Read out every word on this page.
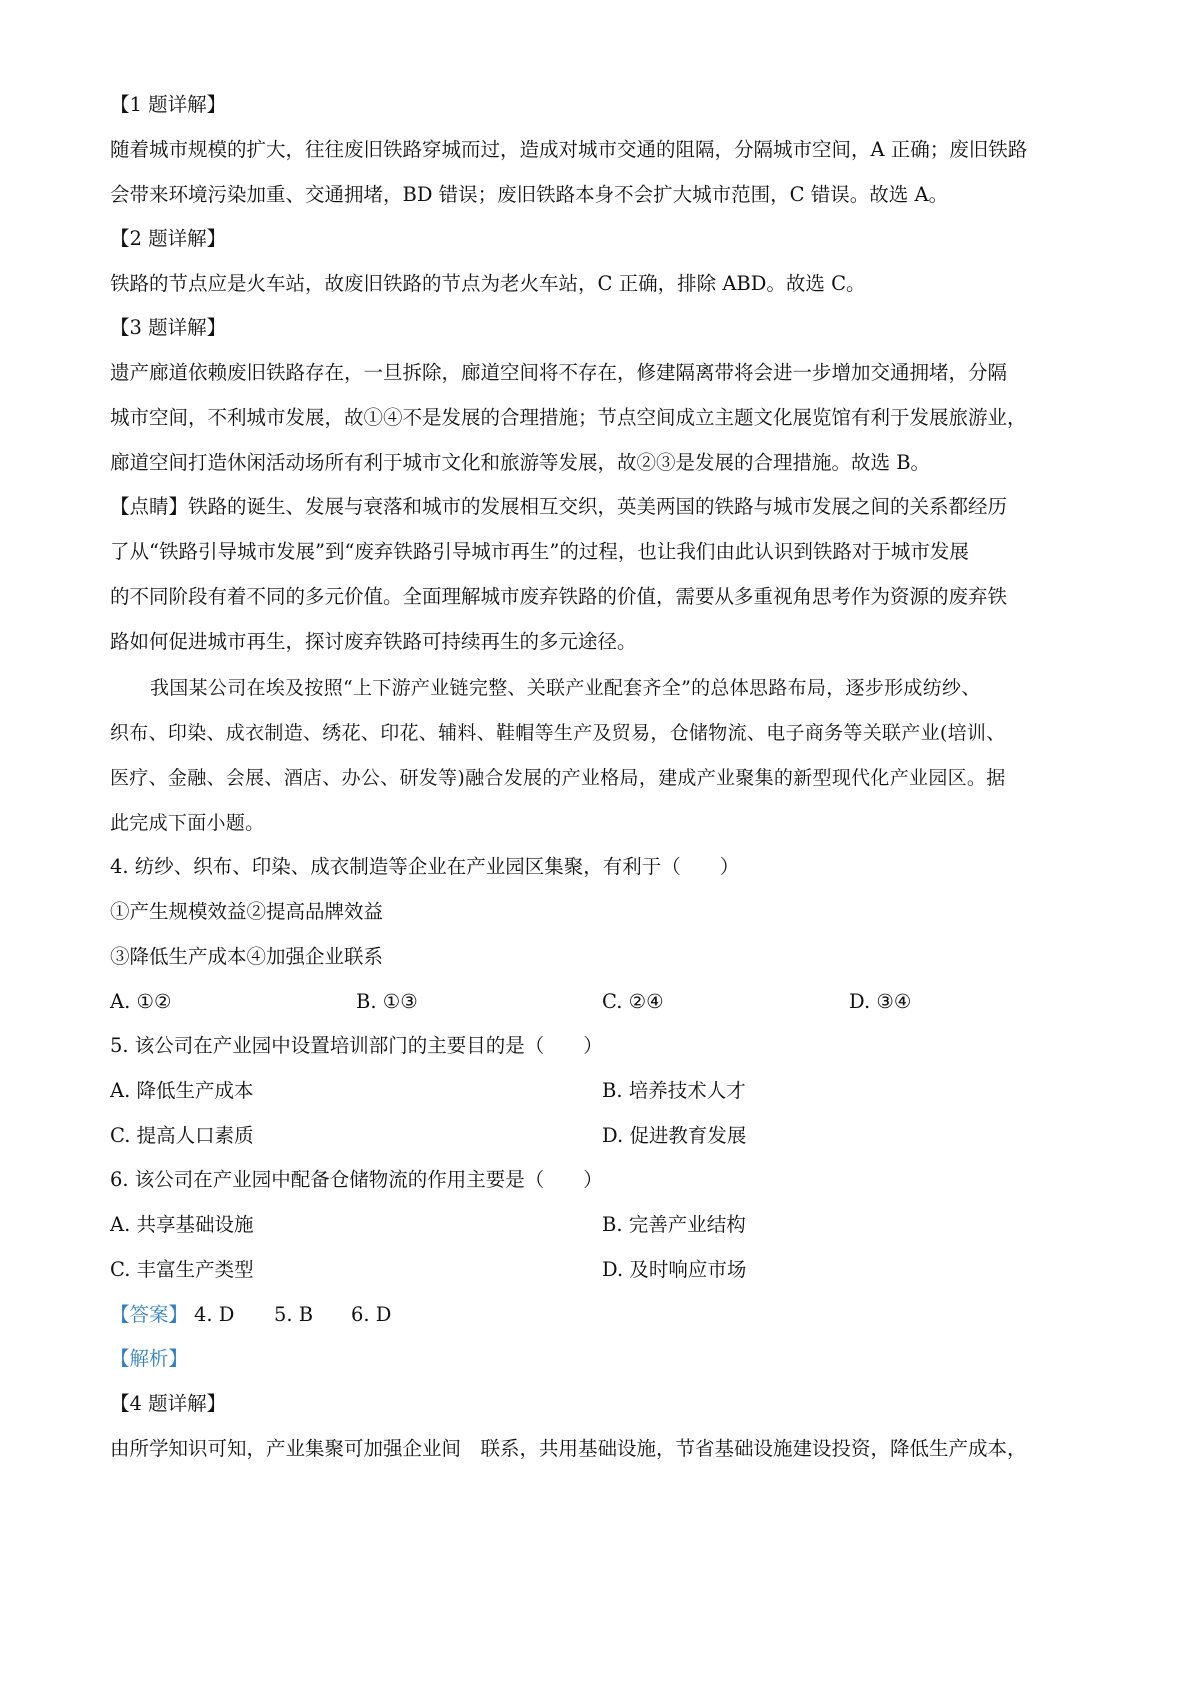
【1 题详解】
随着城市规模的扩大，往往废旧铁路穿城而过，造成对城市交通的阻隔，分隔城市空间，A 正确；废旧铁路
会带来环境污染加重、交通拥堵，BD 错误；废旧铁路本身不会扩大城市范围，C 错误。故选 A。
【2 题详解】
铁路的节点应是火车站，故废旧铁路的节点为老火车站，C 正确，排除 ABD。故选 C。
【3 题详解】
遗产廊道依赖废旧铁路存在，一旦拆除，廊道空间将不存在，修建隔离带将会进一步增加交通拥堵，分隔
城市空间，不利城市发展，故①④不是发展的合理措施；节点空间成立主题文化展览馆有利于发展旅游业，
廊道空间打造休闲活动场所有利于城市文化和旅游等发展，故②③是发展的合理措施。故选 B。
【点睛】铁路的诞生、发展与衰落和城市的发展相互交织，英美两国的铁路与城市发展之间的关系都经历
了从“铁路引导城市发展”到“废弃铁路引导城市再生”的过程，也让我们由此认识到铁路对于城市发展
的不同阶段有着不同的多元价值。全面理解城市废弃铁路的价值，需要从多重视角思考作为资源的废弃铁
路如何促进城市再生，探讨废弃铁路可持续再生的多元途径。
我国某公司在埃及按照“上下游产业链完整、关联产业配套齐全”的总体思路布局，逐步形成纺纱、
织布、印染、成衣制造、绣花、印花、辅料、鞋帽等生产及贸易，仓储物流、电子商务等关联产业(培训、
医疗、金融、会展、酒店、办公、研发等)融合发展的产业格局，建成产业聚集的新型现代化产业园区。据
此完成下面小题。
4. 纺纱、织布、印染、成衣制造等企业在产业园区集聚，有利于（　　）
①产生规模效益②提高品牌效益
③降低生产成本④加强企业联系
A. ①②	B. ①③	C. ②④	D. ③④
5. 该公司在产业园中设置培训部门的主要目的是（　　）
A. 降低生产成本	B. 培养技术人才
C. 提高人口素质	D. 促进教育发展
6. 该公司在产业园中配备仓储物流的作用主要是（　　）
A. 共享基础设施	B. 完善产业结构
C. 丰富生产类型	D. 及时响应市场
【答案】 4. D 5. B 6. D
【解析】
【4 题详解】
由所学知识可知，产业集聚可加强企业间　联系，共用基础设施，节省基础设施建设投资，降低生产成本，
